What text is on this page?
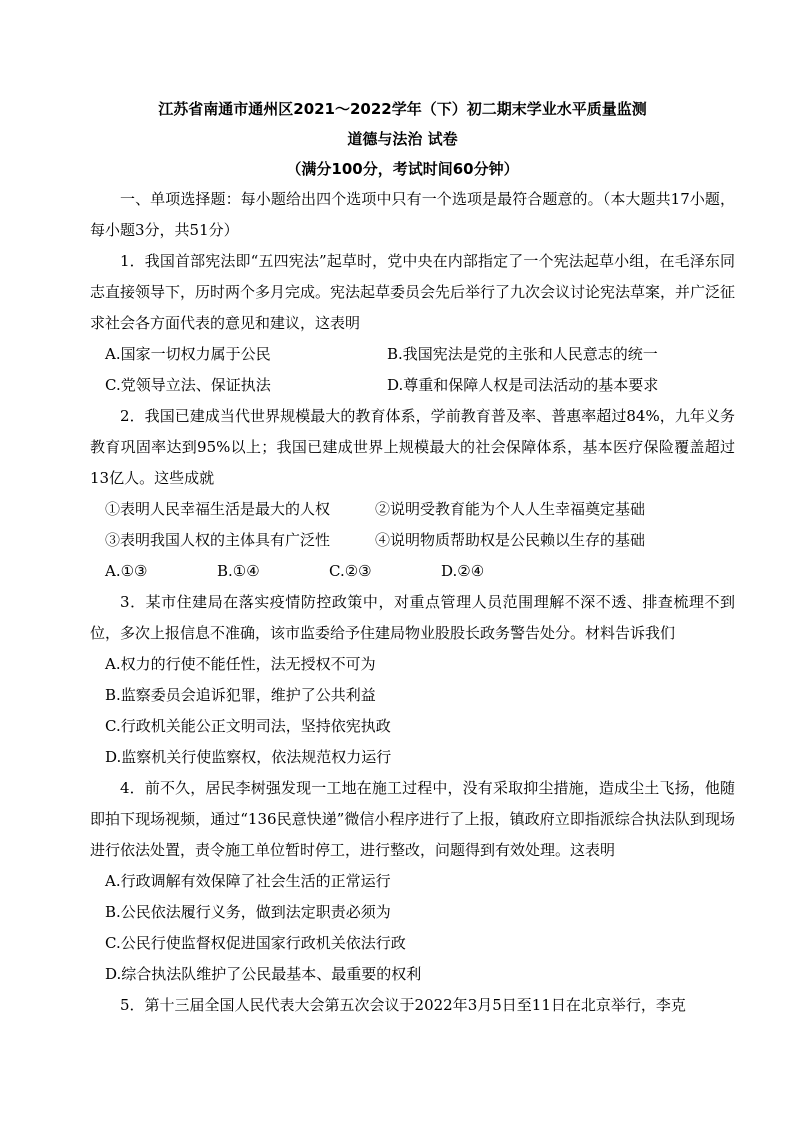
江苏省南通市通州区2021～2022学年（下）初二期末学业水平质量监测
道德与法治 试卷
（满分100分，考试时间60分钟）

一、单项选择题：每小题给出四个选项中只有一个选项是最符合题意的。（本大题共17小题，每小题3分，共51分）

1．我国首部宪法即“五四宪法”起草时，党中央在内部指定了一个宪法起草小组，在毛泽东同志直接领导下，历时两个多月完成。宪法起草委员会先后举行了九次会议讨论宪法草案，并广泛征求社会各方面代表的意见和建议，这表明

A.国家一切权力属于公民	B.我国宪法是党的主张和人民意志的统一
C.党领导立法、保证执法	D.尊重和保障人权是司法活动的基本要求

2．我国已建成当代世界规模最大的教育体系，学前教育普及率、普惠率超过84%，九年义务教育巩固率达到95%以上；我国已建成世界上规模最大的社会保障体系，基本医疗保险覆盖超过13亿人。这些成就

①表明人民幸福生活是最大的人权	②说明受教育能为个人人生幸福奠定基础
③表明我国人权的主体具有广泛性	④说明物质帮助权是公民赖以生存的基础
A.①③	B.①④	C.②③	D.②④

3．某市住建局在落实疫情防控政策中，对重点管理人员范围理解不深不透、排查梳理不到位，多次上报信息不准确，该市监委给予住建局物业股股长政务警告处分。材料告诉我们

A.权力的行使不能任性，法无授权不可为

B.监察委员会追诉犯罪，维护了公共利益

C.行政机关能公正文明司法，坚持依宪执政

D.监察机关行使监察权，依法规范权力运行

4．前不久，居民李树强发现一工地在施工过程中，没有采取抑尘措施，造成尘土飞扬，他随即拍下现场视频，通过“136民意快递”微信小程序进行了上报，镇政府立即指派综合执法队到现场进行依法处置，责令施工单位暂时停工，进行整改，问题得到有效处理。这表明

A.行政调解有效保障了社会生活的正常运行

B.公民依法履行义务，做到法定职责必须为

C.公民行使监督权促进国家行政机关依法行政

D.综合执法队维护了公民最基本、最重要的权利

5．第十三届全国人民代表大会第五次会议于2022年3月5日至11日在北京举行，李克
